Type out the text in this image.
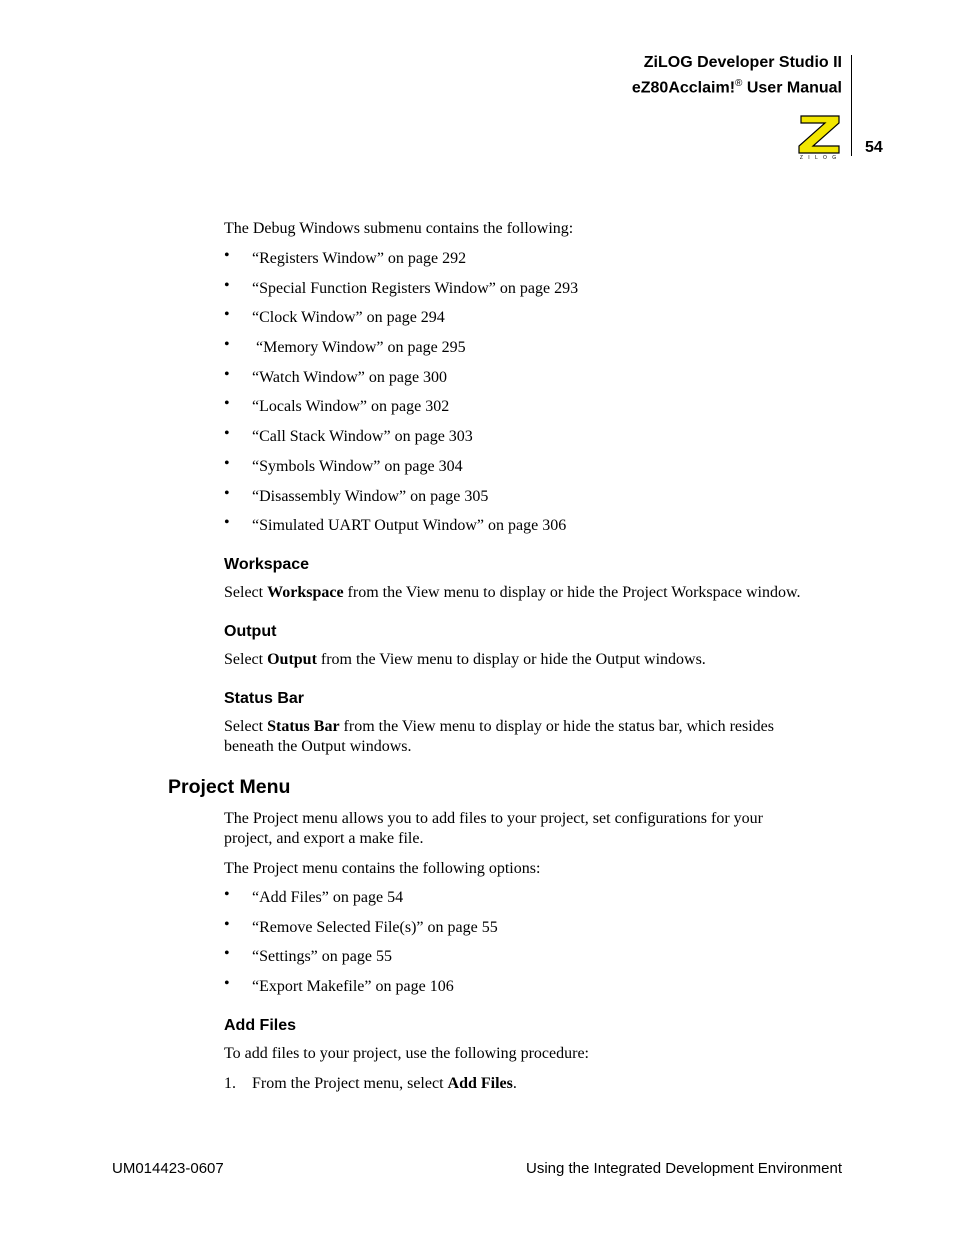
ZiLOG Developer Studio II
eZ80Acclaim!® User Manual
Z I L O G
54
The Debug Windows submenu contains the following:
• “Registers Window” on page 292
• “Special Function Registers Window” on page 293
• “Clock Window” on page 294
• “Memory Window” on page 295
• “Watch Window” on page 300
• “Locals Window” on page 302
• “Call Stack Window” on page 303
• “Symbols Window” on page 304
• “Disassembly Window” on page 305
• “Simulated UART Output Window” on page 306
Workspace
Select Workspace from the View menu to display or hide the Project Workspace window.
Output
Select Output from the View menu to display or hide the Output windows.
Status Bar
Select Status Bar from the View menu to display or hide the status bar, which resides
beneath the Output windows.
Project Menu
The Project menu allows you to add files to your project, set configurations for your
project, and export a make file.
The Project menu contains the following options:
• “Add Files” on page 54
• “Remove Selected File(s)” on page 55
• “Settings” on page 55
• “Export Makefile” on page 106
Add Files
To add files to your project, use the following procedure:
1. From the Project menu, select Add Files.
UM014423-0607	Using the Integrated Development Environment
